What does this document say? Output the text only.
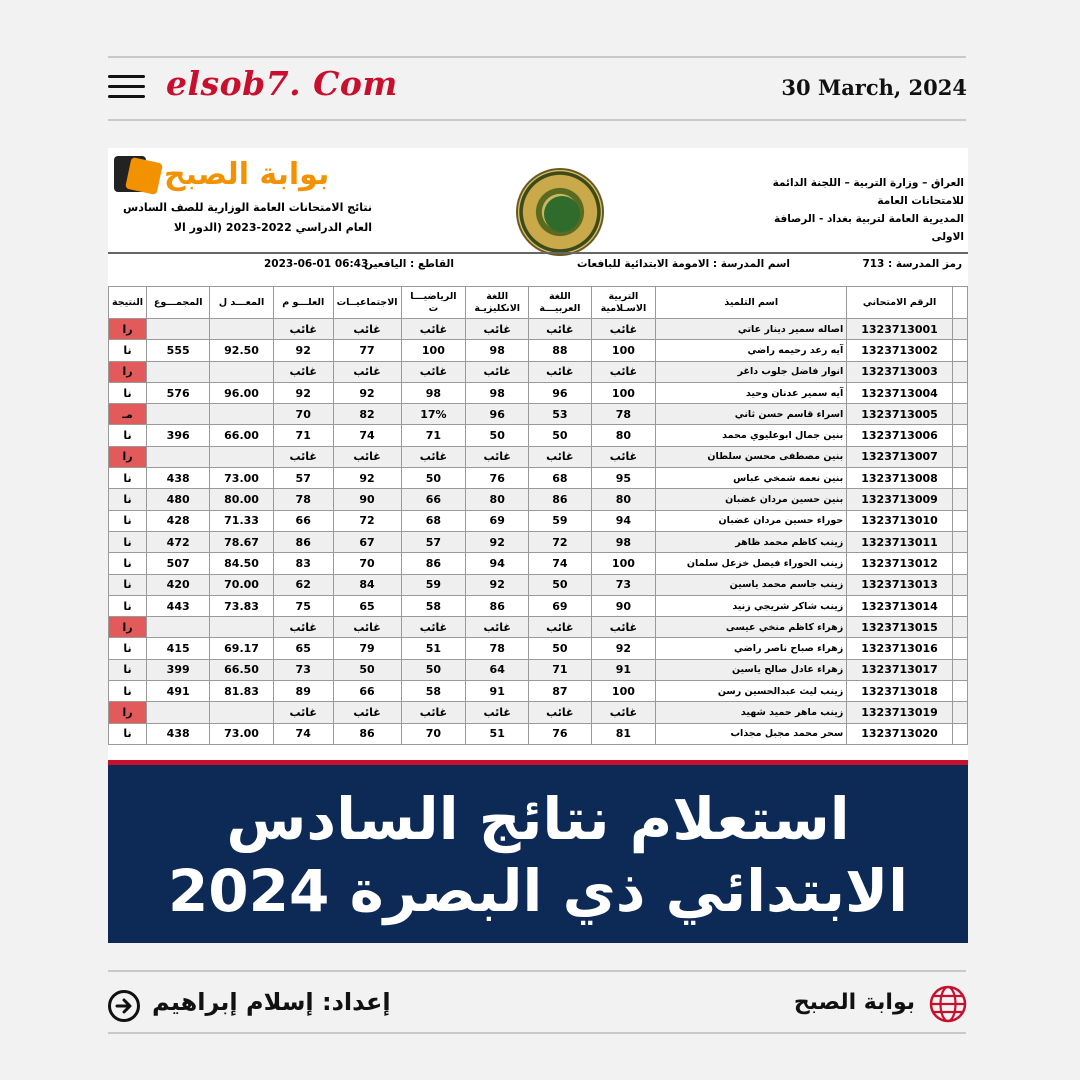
elsob7. Com	30 March, 2024
بوابة الصبح
نتائج الامتحانات العامة الوزارية للصف السادس
العام الدراسي 2022-2023 (الدور الا
العراق – وزارة التربية – اللجنة الدائمة للامتحانات العامة
المديرية العامة لتربية بغداد - الرصافة
الاولى
رمز المدرسة : 713
اسم المدرسة : الامومة الابتدائية للبافعات
القاطع : اليافعين
06:43 2023-06-01
النتيجة	المجمـــوع	المعـــد ل	العلـــو م	الاجتماعيــات	الرياضيـــا ت	اللغة الانكليزيـة	اللغة العربيـــة	التربية الاسـلامية	اسم التلميذ	الرقم الامتحاني	
را			غائب	غائب	غائب	غائب	غائب	غائب	اصاله سمير دينار عاتي	1323713001	
نا	555	92.50	92	77	100	98	88	100	آيه رعد رحيمه راضي	1323713002	
را			غائب	غائب	غائب	غائب	غائب	غائب	انوار فاضل جلوب داغر	1323713003	
نا	576	96.00	92	92	98	98	96	100	آيه سمير عدنان وحيد	1323713004	
مـ			70	82	17%	96	53	78	اسراء قاسم حسن ثاني	1323713005	
نا	396	66.00	71	74	71	50	50	80	بنين جمال ابوعليوي محمد	1323713006	
را			غائب	غائب	غائب	غائب	غائب	غائب	بنين مصطفى محسن سلطان	1323713007	
نا	438	73.00	57	92	50	76	68	95	بنين نعمه شمخي عباس	1323713008	
نا	480	80.00	78	90	66	80	86	80	بنين حسين مردان غضبان	1323713009	
نا	428	71.33	66	72	68	69	59	94	حوراء حسين مردان غضبان	1323713010	
نا	472	78.67	86	67	57	92	72	98	زينب كاظم محمد ظاهر	1323713011	
نا	507	84.50	83	70	86	94	74	100	زينب الحوراء فيصل خزعل سلمان	1323713012	
نا	420	70.00	62	84	59	92	50	73	زينب جاسم محمد ياسين	1323713013	
نا	443	73.83	75	65	58	86	69	90	زينب شاكر شريجي زنيد	1323713014	
را			غائب	غائب	غائب	غائب	غائب	غائب	زهراء كاظم منخي عيسى	1323713015	
نا	415	69.17	65	79	51	78	50	92	زهراء صباح ناصر راضي	1323713016	
نا	399	66.50	73	50	50	64	71	91	زهراء عادل صالح ياسين	1323713017	
نا	491	81.83	89	66	58	91	87	100	زينب ليث عبدالحسين رسن	1323713018	
را			غائب	غائب	غائب	غائب	غائب	غائب	زينب ماهر حميد شهيد	1323713019	
نا	438	73.00	74	86	70	51	76	81	سحر محمد مجبل مجذاب	1323713020	
استعلام نتائج السادس
الابتدائي ذي البصرة 2024
إعداد: إسلام إبراهيم	بوابة الصبح
